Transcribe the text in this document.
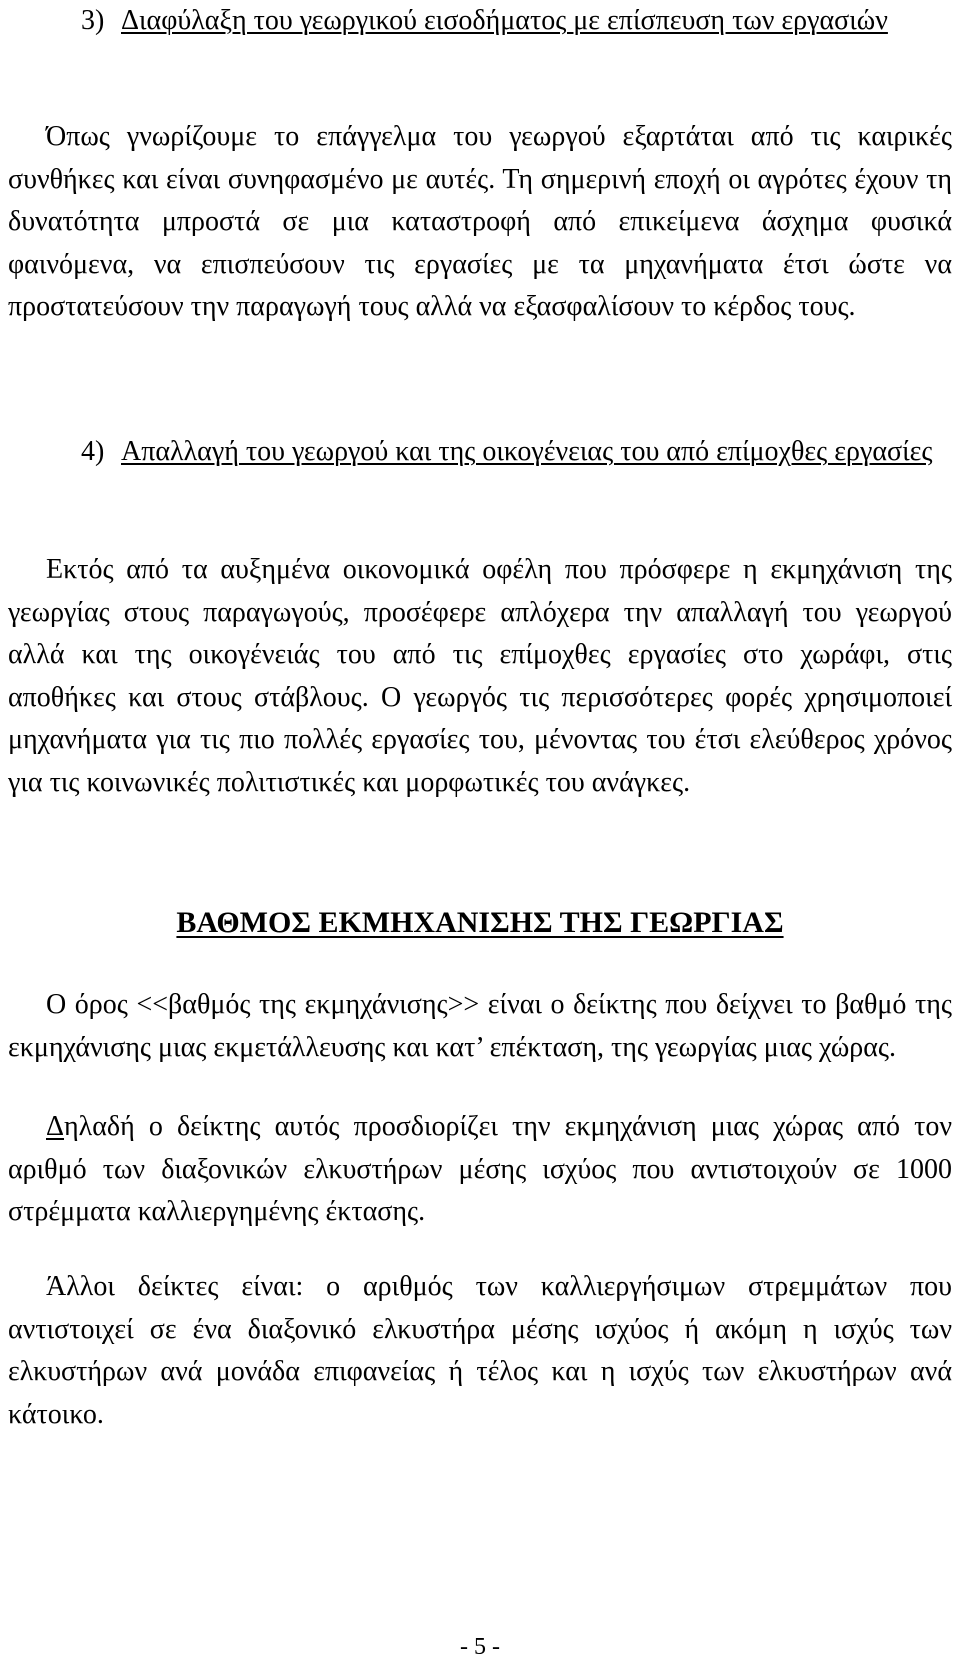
3) Διαφύλαξη του γεωργικού εισοδήματος με επίσπευση των εργασιών

Όπως γνωρίζουμε το επάγγελμα του γεωργού εξαρτάται από τις καιρικές συνθήκες και είναι συνηφασμένο με αυτές. Τη σημερινή εποχή οι αγρότες έχουν τη δυνατότητα μπροστά σε μια καταστροφή από επικείμενα άσχημα φυσικά φαινόμενα, να επισπεύσουν τις εργασίες με τα μηχανήματα έτσι ώστε να προστατεύσουν την παραγωγή τους αλλά να εξασφαλίσουν το κέρδος τους.

4) Απαλλαγή του γεωργού και της οικογένειας του από επίμοχθες εργασίες

Εκτός από τα αυξημένα οικονομικά οφέλη που πρόσφερε η εκμηχάνιση της γεωργίας στους παραγωγούς, προσέφερε απλόχερα την απαλλαγή του γεωργού αλλά και της οικογένειάς του από τις επίμοχθες εργασίες στο χωράφι, στις αποθήκες και στους στάβλους. Ο γεωργός τις περισσότερες φορές χρησιμοποιεί μηχανήματα για τις πιο πολλές εργασίες του, μένοντας του έτσι ελεύθερος χρόνος για τις κοινωνικές πολιτιστικές και μορφωτικές του ανάγκες.

ΒΑΘΜΟΣ ΕΚΜΗΧΑΝΙΣΗΣ ΤΗΣ ΓΕΩΡΓΙΑΣ

Ο όρος <<βαθμός της εκμηχάνισης>> είναι ο δείκτης που δείχνει το βαθμό της εκμηχάνισης μιας εκμετάλλευσης και κατ’ επέκταση, της γεωργίας μιας χώρας.

Δηλαδή ο δείκτης αυτός προσδιορίζει την εκμηχάνιση μιας χώρας από τον αριθμό των διαξονικών ελκυστήρων μέσης ισχύος που αντιστοιχούν σε 1000 στρέμματα καλλιεργημένης έκτασης.

Άλλοι δείκτες είναι: ο αριθμός των καλλιεργήσιμων στρεμμάτων που αντιστοιχεί σε ένα διαξονικό ελκυστήρα μέσης ισχύος ή ακόμη η ισχύς των ελκυστήρων ανά μονάδα επιφανείας ή τέλος και η ισχύς των ελκυστήρων ανά κάτοικο.

- 5 -
